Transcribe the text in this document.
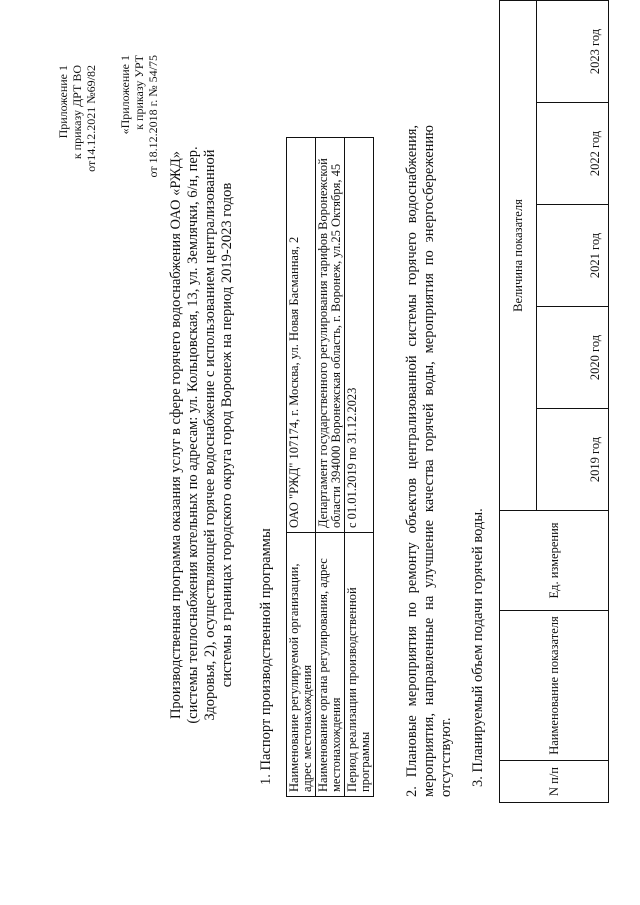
Приложение 1 к приказу ДРТ ВО от14.12.2021 №69/82 «Приложение 1 к приказу УРТ от 18.12.2018 г. № 54/75
Производственная программа оказания услуг в сфере горячего водоснабжения ОАО «РЖД» (системы теплоснабжения котельных по адресам: ул. Кольцовская, 13, ул. Землячки, 6/н, пер. Здоровья, 2), осуществляющей горячее водоснабжение с использованием централизованной системы в границах городского округа город Воронеж на период 2019-2023 годов 1. Паспорт производственной программы Наименование регулируемой организации, адрес местонахождения	ОАО "РЖД" 107174, г. Москва, ул. Новая Басманная, 2
Наименование органа регулирования, адрес местонахождения	Департамент государственного регулирования тарифов Воронежской области 394000 Воронежская область, г. Воронеж, ул.25 Октября, 45
Период реализации производственной программы	с 01.01.2019 по 31.12.2023	2. Плановые мероприятия по ремонту объектов централизованной системы горячего водоснабжения, мероприятия, направленные на улучшение качества горячей воды, мероприятия по энергосбережению отсутствуют. 3. Планируемый объем подачи горячей воды.	N п/п	Наименование показателя	Ед. измерения	Величина показателя				
			2019 год	2020 год	2021 год	2022 год	2023 год
